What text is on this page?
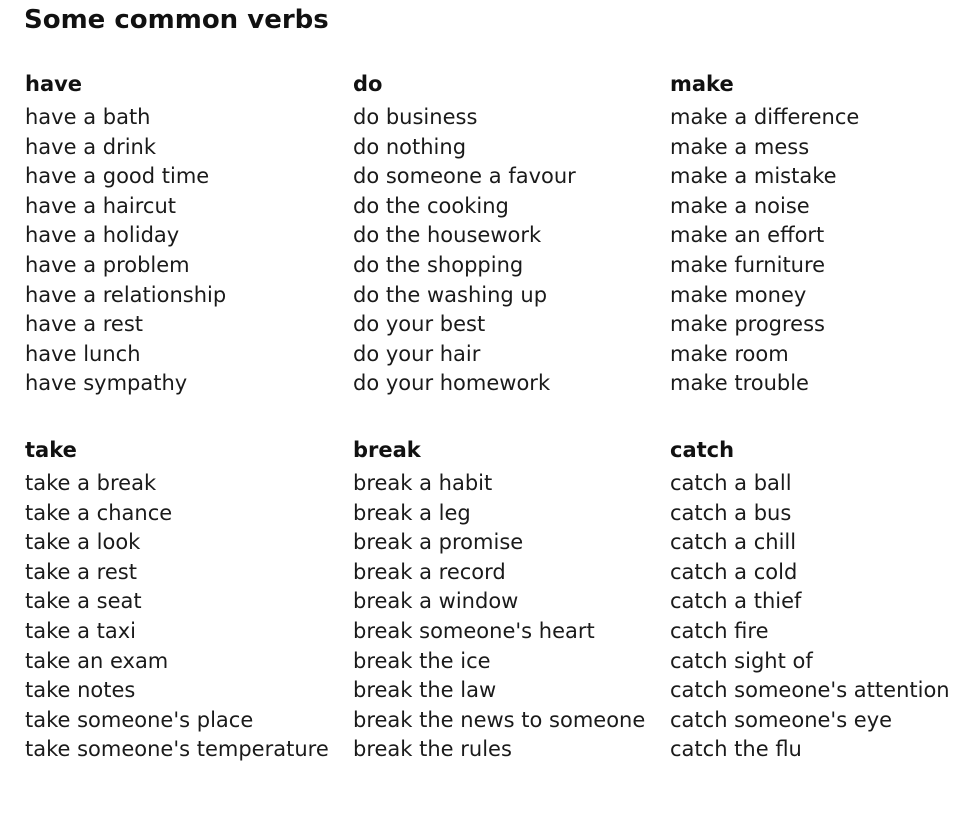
Some common verbs
have
have a bath
have a drink
have a good time
have a haircut
have a holiday
have a problem
have a relationship
have a rest
have lunch
have sympathy
do
do business
do nothing
do someone a favour
do the cooking
do the housework
do the shopping
do the washing up
do your best
do your hair
do your homework
make
make a difference
make a mess
make a mistake
make a noise
make an effort
make furniture
make money
make progress
make room
make trouble
take
take a break
take a chance
take a look
take a rest
take a seat
take a taxi
take an exam
take notes
take someone's place
take someone's temperature
break
break a habit
break a leg
break a promise
break a record
break a window
break someone's heart
break the ice
break the law
break the news to someone
break the rules
catch
catch a ball
catch a bus
catch a chill
catch a cold
catch a thief
catch fire
catch sight of
catch someone's attention
catch someone's eye
catch the flu
